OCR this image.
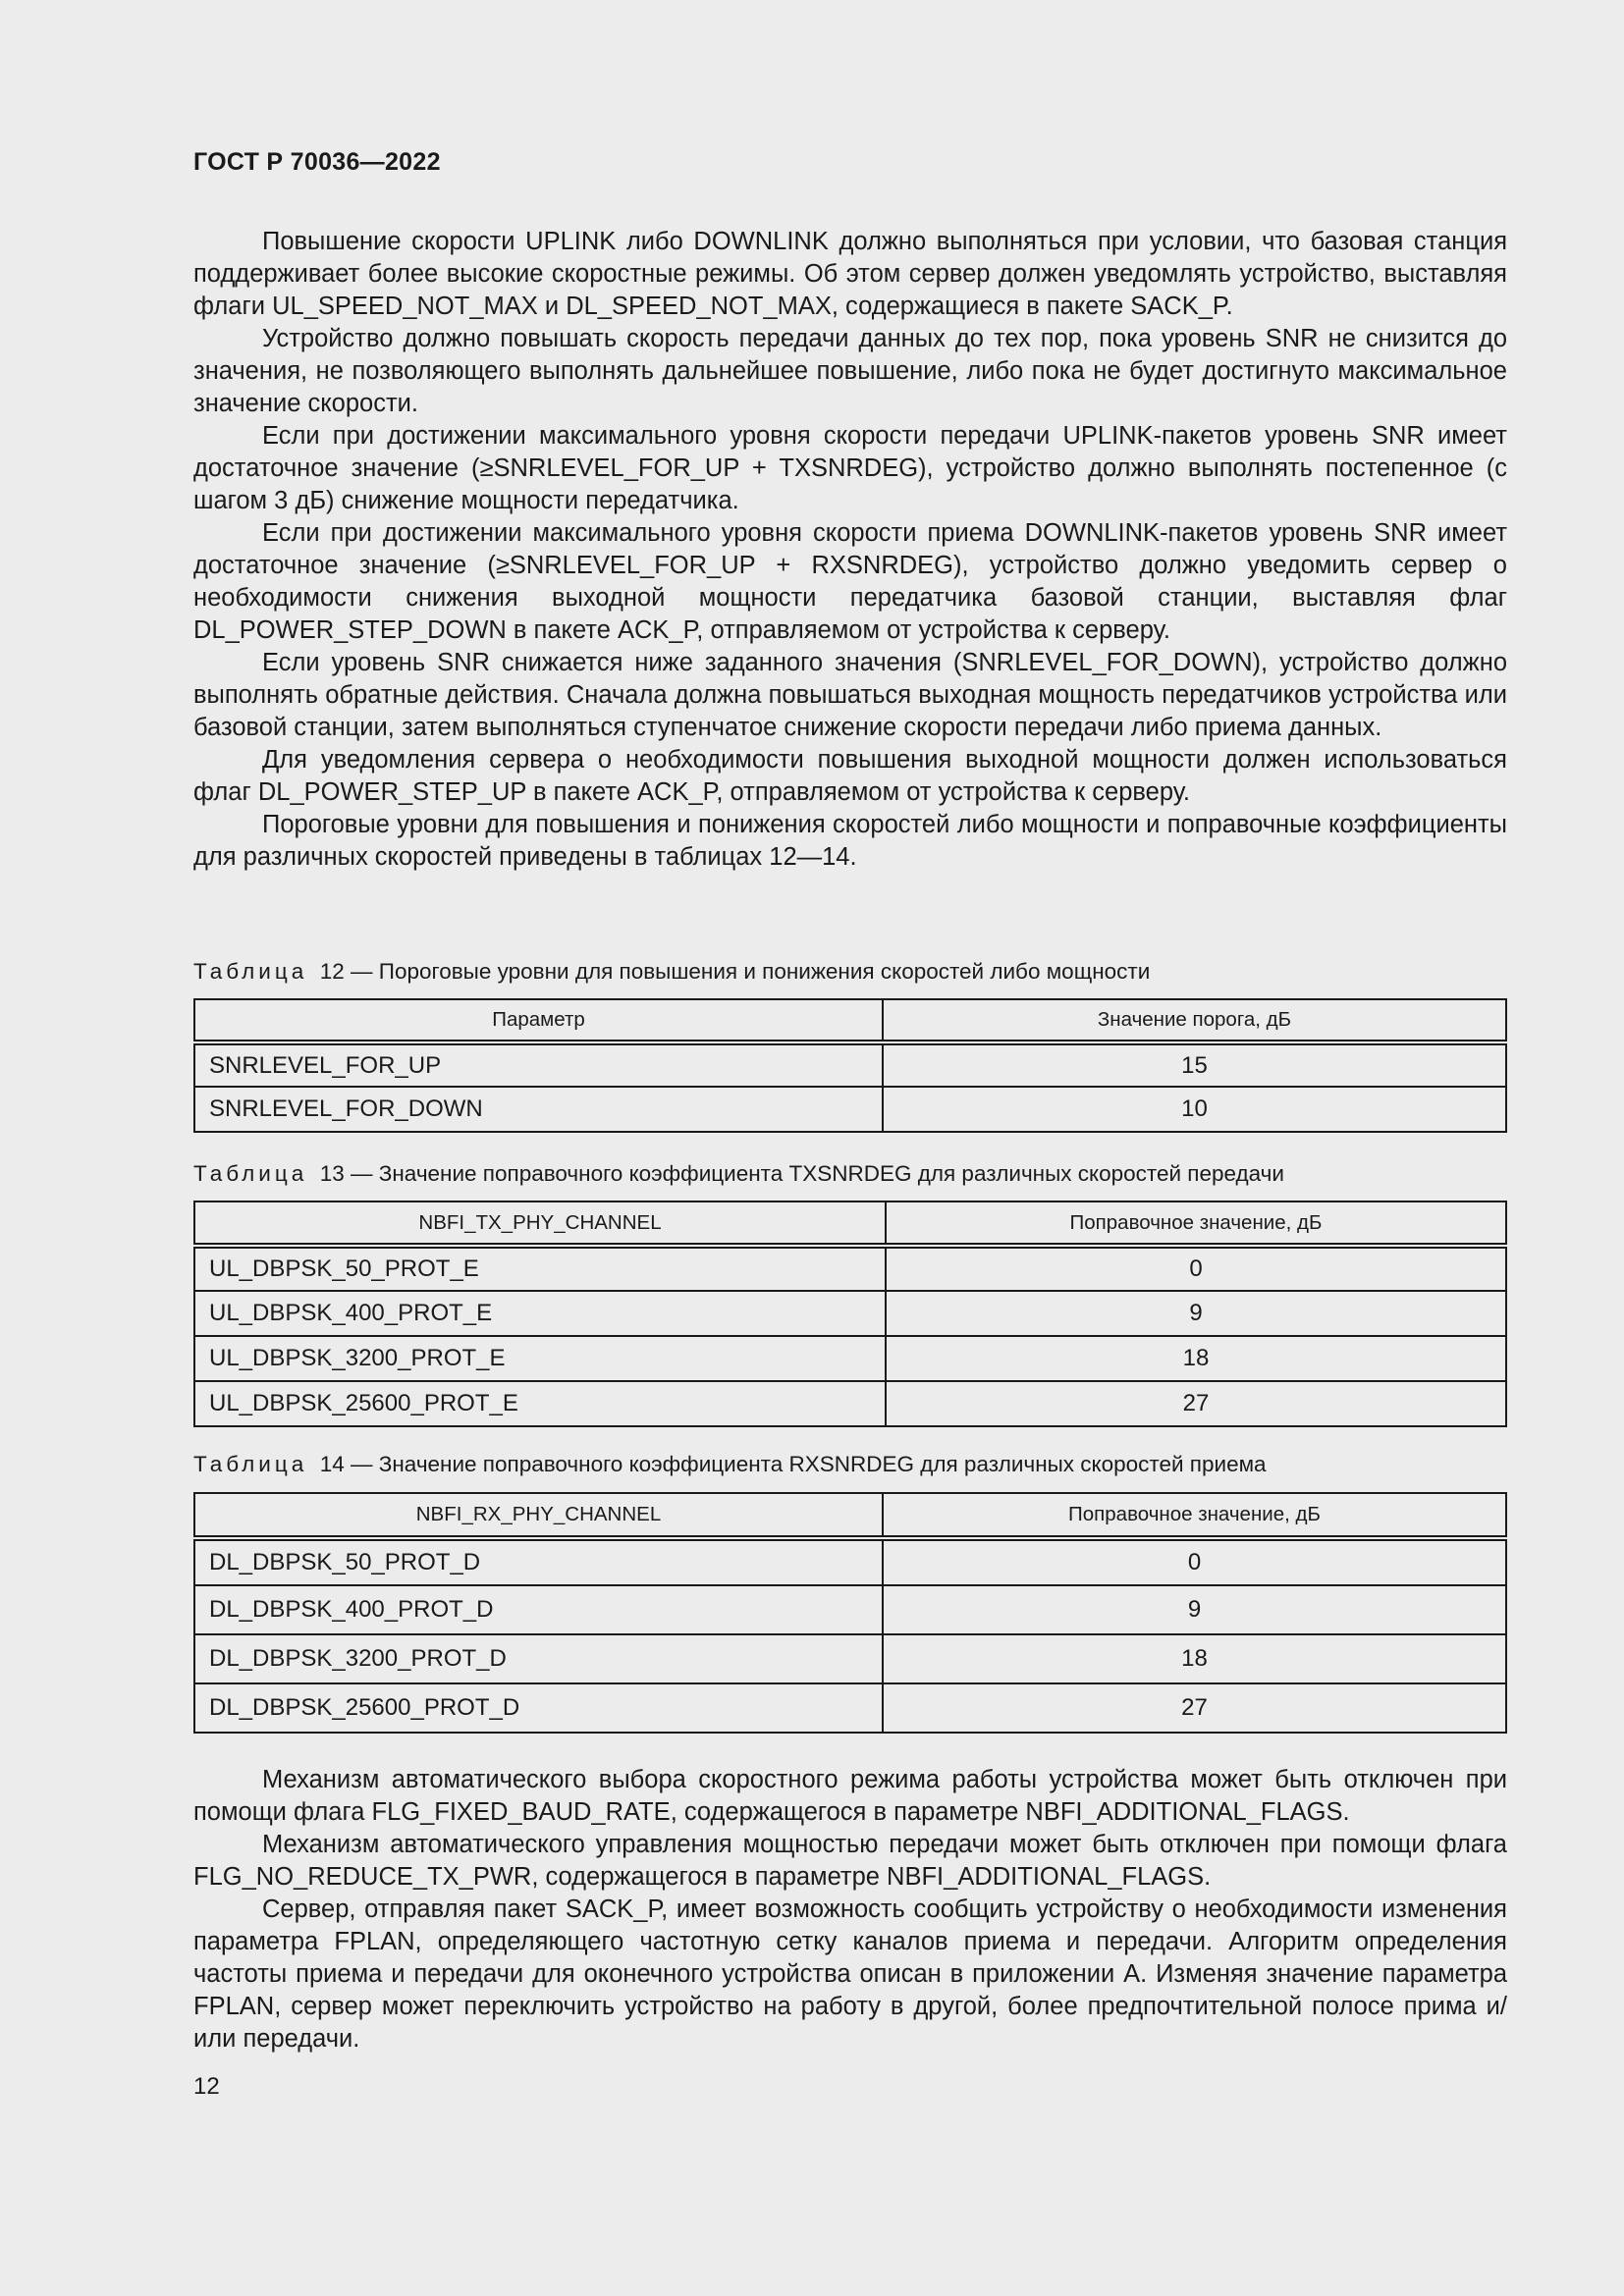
ГОСТ Р 70036—2022

Повышение скорости UPLINK либо DOWNLINK должно выполняться при условии, что базовая станция поддерживает более высокие скоростные режимы. Об этом сервер должен уведомлять устройство, выставляя флаги UL_SPEED_NOT_MAX и DL_SPEED_NOT_MAX, содержащиеся в пакете SACK_P.

Устройство должно повышать скорость передачи данных до тех пор, пока уровень SNR не снизится до значения, не позволяющего выполнять дальнейшее повышение, либо пока не будет достигнуто максимальное значение скорости.

Если при достижении максимального уровня скорости передачи UPLINK-пакетов уровень SNR имеет достаточное значение (≥SNRLEVEL_FOR_UP + TXSNRDEG), устройство должно выполнять постепенное (с шагом 3 дБ) снижение мощности передатчика.

Если при достижении максимального уровня скорости приема DOWNLINK-пакетов уровень SNR имеет достаточное значение (≥SNRLEVEL_FOR_UP + RXSNRDEG), устройство должно уведомить сервер о необходимости снижения выходной мощности передатчика базовой станции, выставляя флаг DL_POWER_STEP_DOWN в пакете ACK_P, отправляемом от устройства к серверу.

Если уровень SNR снижается ниже заданного значения (SNRLEVEL_FOR_DOWN), устройство должно выполнять обратные действия. Сначала должна повышаться выходная мощность передатчиков устройства или базовой станции, затем выполняться ступенчатое снижение скорости передачи либо приема данных.

Для уведомления сервера о необходимости повышения выходной мощности должен использоваться флаг DL_POWER_STEP_UP в пакете ACK_P, отправляемом от устройства к серверу.

Пороговые уровни для повышения и понижения скоростей либо мощности и поправочные коэффициенты для различных скоростей приведены в таблицах 12—14.

Таблица 12 — Пороговые уровни для повышения и понижения скоростей либо мощности
Параметр	Значение порога, дБ
SNRLEVEL_FOR_UP	15
SNRLEVEL_FOR_DOWN	10
Таблица 13 — Значение поправочного коэффициента TXSNRDEG для различных скоростей передачи
NBFI_TX_PHY_CHANNEL	Поправочное значение, дБ
UL_DBPSK_50_PROT_E	0
UL_DBPSK_400_PROT_E	9
UL_DBPSK_3200_PROT_E	18
UL_DBPSK_25600_PROT_E	27
Таблица 14 — Значение поправочного коэффициента RXSNRDEG для различных скоростей приема
NBFI_RX_PHY_CHANNEL	Поправочное значение, дБ
DL_DBPSK_50_PROT_D	0
DL_DBPSK_400_PROT_D	9
DL_DBPSK_3200_PROT_D	18
DL_DBPSK_25600_PROT_D	27

Механизм автоматического выбора скоростного режима работы устройства может быть отключен при помощи флага FLG_FIXED_BAUD_RATE, содержащегося в параметре NBFI_ADDITIONAL_FLAGS.

Механизм автоматического управления мощностью передачи может быть отключен при помощи флага FLG_NO_REDUCE_TX_PWR, содержащегося в параметре NBFI_ADDITIONAL_FLAGS.

Сервер, отправляя пакет SACK_P, имеет возможность сообщить устройству о необходимости изменения параметра FPLAN, определяющего частотную сетку каналов приема и передачи. Алгоритм определения частоты приема и передачи для оконечного устройства описан в приложении А. Изменяя значение параметра FPLAN, сервер может переключить устройство на работу в другой, более предпочтительной полосе прима и/или передачи.

12
